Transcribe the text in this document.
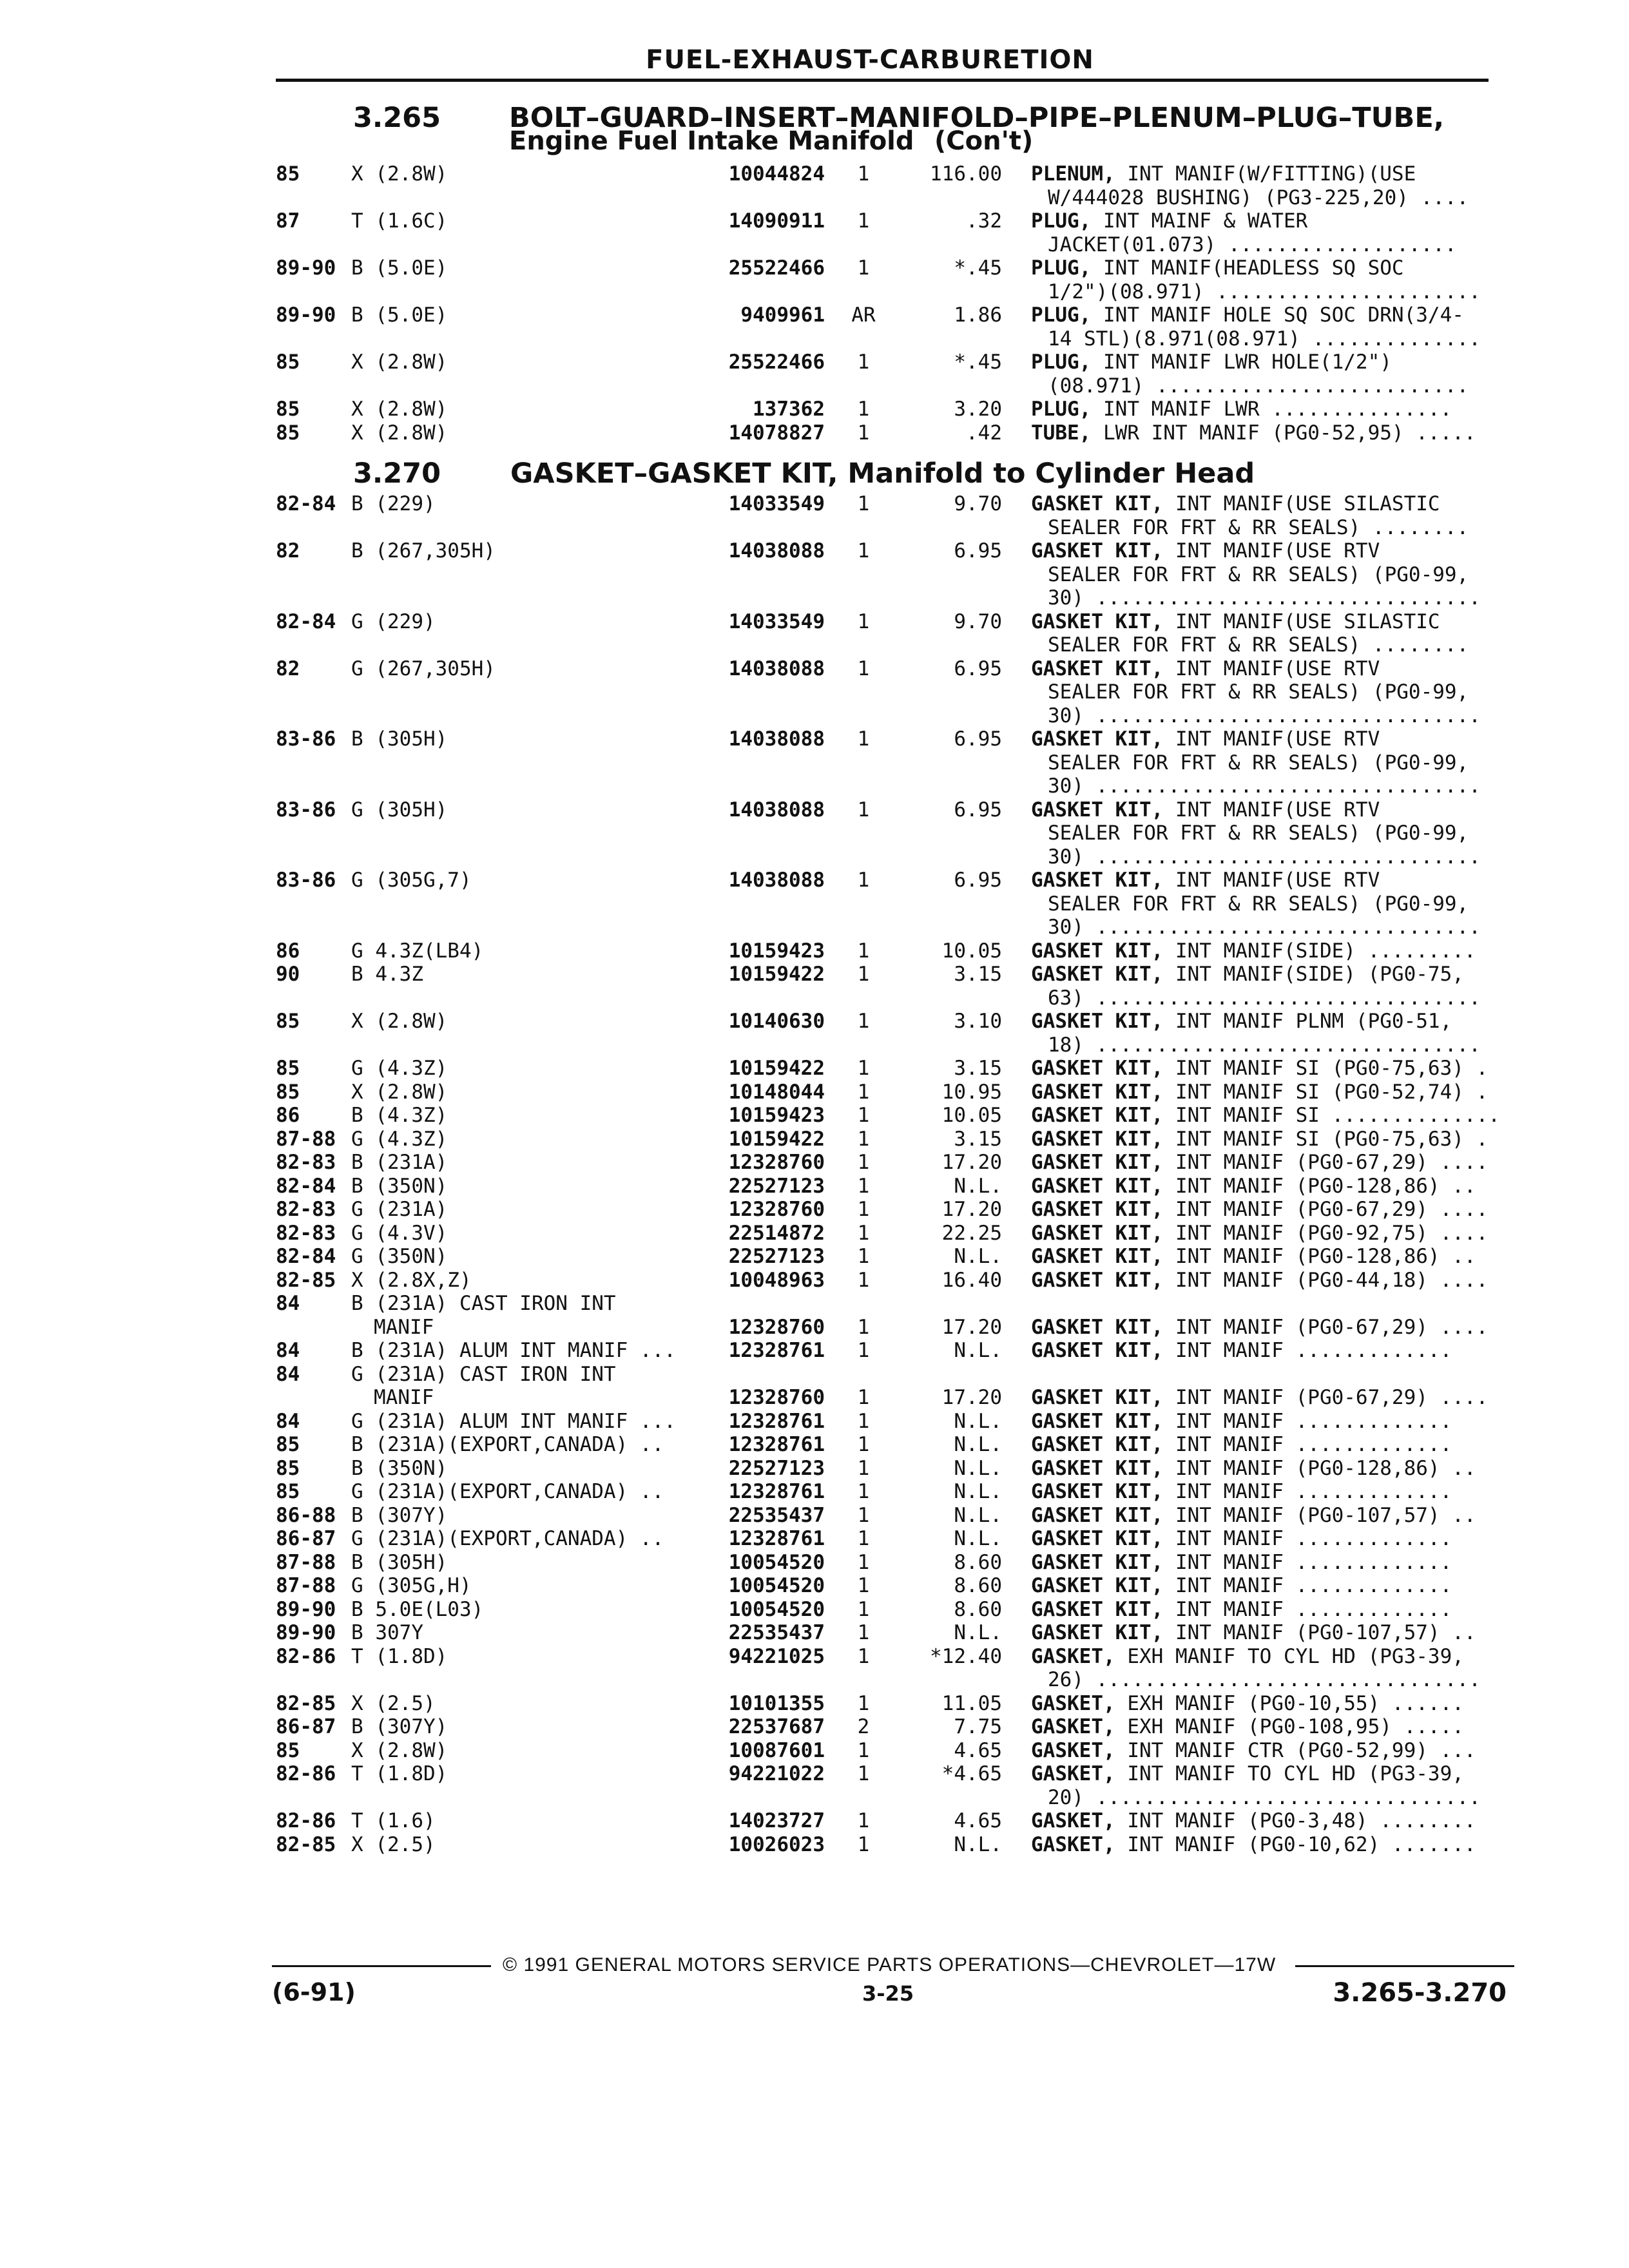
FUEL-EXHAUST-CARBURETION
3.265 BOLT–GUARD–INSERT–MANIFOLD–PIPE–PLENUM–PLUG–TUBE,
Engine Fuel Intake Manifold (Con't)
85	X (2.8W)	10044824	1	116.00 PLENUM, INT MANIF(W/FITTING)(USE
W/444028 BUSHING) (PG3-225,20) ....
87	T (1.6C)	14090911	1	.32 PLUG, INT MAINF & WATER
JACKET(01.073) ...................
89-90 B (5.0E)	25522466	1	*.45 PLUG, INT MANIF(HEADLESS SQ SOC
1/2")(08.971) ......................
89-90 B (5.0E)	9409961	AR	1.86 PLUG, INT MANIF HOLE SQ SOC DRN(3/4-
14 STL)(8.971(08.971) ..............
85	X (2.8W)	25522466	1	*.45 PLUG, INT MANIF LWR HOLE(1/2")
(08.971) ..........................
85	X (2.8W)	137362	1	3.20 PLUG, INT MANIF LWR ...............
85	X (2.8W)	14078827	1	.42 TUBE, LWR INT MANIF (PG0-52,95) .....
3.270	GASKET–GASKET KIT, Manifold to Cylinder Head
82-84 B (229)	14033549	1	9.70 GASKET KIT, INT MANIF(USE SILASTIC
SEALER FOR FRT & RR SEALS) ........
82	B (267,305H)	14038088	1	6.95 GASKET KIT, INT MANIF(USE RTV
SEALER FOR FRT & RR SEALS) (PG0-99,
30) ................................
82-84 G (229)	14033549	1	9.70 GASKET KIT, INT MANIF(USE SILASTIC
SEALER FOR FRT & RR SEALS) ........
82	G (267,305H)	14038088	1	6.95 GASKET KIT, INT MANIF(USE RTV
SEALER FOR FRT & RR SEALS) (PG0-99,
30) ................................
83-86 B (305H)	14038088	1	6.95 GASKET KIT, INT MANIF(USE RTV
SEALER FOR FRT & RR SEALS) (PG0-99,
30) ................................
83-86 G (305H)	14038088	1	6.95 GASKET KIT, INT MANIF(USE RTV
SEALER FOR FRT & RR SEALS) (PG0-99,
30) ................................
83-86 G (305G,7)	14038088	1	6.95 GASKET KIT, INT MANIF(USE RTV
SEALER FOR FRT & RR SEALS) (PG0-99,
30) ................................
86	G 4.3Z(LB4)	10159423	1	10.05 GASKET KIT, INT MANIF(SIDE) .........
90	B 4.3Z	10159422	1	3.15 GASKET KIT, INT MANIF(SIDE) (PG0-75,
63) ................................
85	X (2.8W)	10140630	1	3.10 GASKET KIT, INT MANIF PLNM (PG0-51,
18) ................................
85	G (4.3Z)	10159422	1	3.15 GASKET KIT, INT MANIF SI (PG0-75,63) .
85	X (2.8W)	10148044	1	10.95 GASKET KIT, INT MANIF SI (PG0-52,74) .
86	B (4.3Z)	10159423	1	10.05 GASKET KIT, INT MANIF SI ..............
87-88 G (4.3Z)	10159422	1	3.15 GASKET KIT, INT MANIF SI (PG0-75,63) .
82-83 B (231A)	12328760	1	17.20 GASKET KIT, INT MANIF (PG0-67,29) ....
82-84 B (350N)	22527123	1	N.L. GASKET KIT, INT MANIF (PG0-128,86) ..
82-83 G (231A)	12328760	1	17.20 GASKET KIT, INT MANIF (PG0-67,29) ....
82-83 G (4.3V)	22514872	1	22.25 GASKET KIT, INT MANIF (PG0-92,75) ....
82-84 G (350N)	22527123	1	N.L. GASKET KIT, INT MANIF (PG0-128,86) ..
82-85 X (2.8X,Z)	10048963	1	16.40 GASKET KIT, INT MANIF (PG0-44,18) ....
84	B (231A) CAST IRON INT
MANIF	12328760	1	17.20 GASKET KIT, INT MANIF (PG0-67,29) ....
84	B (231A) ALUM INT MANIF ...	12328761	1	N.L. GASKET KIT, INT MANIF .............
84	G (231A) CAST IRON INT
MANIF	12328760	1	17.20 GASKET KIT, INT MANIF (PG0-67,29) ....
84	G (231A) ALUM INT MANIF ...	12328761	1	N.L. GASKET KIT, INT MANIF .............
85	B (231A)(EXPORT,CANADA) ..	12328761	1	N.L. GASKET KIT, INT MANIF .............
85	B (350N)	22527123	1	N.L. GASKET KIT, INT MANIF (PG0-128,86) ..
85	G (231A)(EXPORT,CANADA) ..	12328761	1	N.L. GASKET KIT, INT MANIF .............
86-88 B (307Y)	22535437	1	N.L. GASKET KIT, INT MANIF (PG0-107,57) ..
86-87 G (231A)(EXPORT,CANADA) ..	12328761	1	N.L. GASKET KIT, INT MANIF .............
87-88 B (305H)	10054520	1	8.60 GASKET KIT, INT MANIF .............
87-88 G (305G,H)	10054520	1	8.60 GASKET KIT, INT MANIF .............
89-90 B 5.0E(L03)	10054520	1	8.60 GASKET KIT, INT MANIF .............
89-90 B 307Y	22535437	1	N.L. GASKET KIT, INT MANIF (PG0-107,57) ..
82-86 T (1.8D)	94221025	1	*12.40 GASKET, EXH MANIF TO CYL HD (PG3-39,
26) ................................
82-85 X (2.5)	10101355	1	11.05 GASKET, EXH MANIF (PG0-10,55) ......
86-87 B (307Y)	22537687	2	7.75 GASKET, EXH MANIF (PG0-108,95) .....
85	X (2.8W)	10087601	1	4.65 GASKET, INT MANIF CTR (PG0-52,99) ...
82-86 T (1.8D)	94221022	1	*4.65 GASKET, INT MANIF TO CYL HD (PG3-39,
20) ................................
82-86 T (1.6)	14023727	1	4.65 GASKET, INT MANIF (PG0-3,48) ........
82-85 X (2.5)	10026023	1	N.L. GASKET, INT MANIF (PG0-10,62) .......
© 1991 GENERAL MOTORS SERVICE PARTS OPERATIONS—CHEVROLET—17W
(6-91)	3-25	3.265-3.270
